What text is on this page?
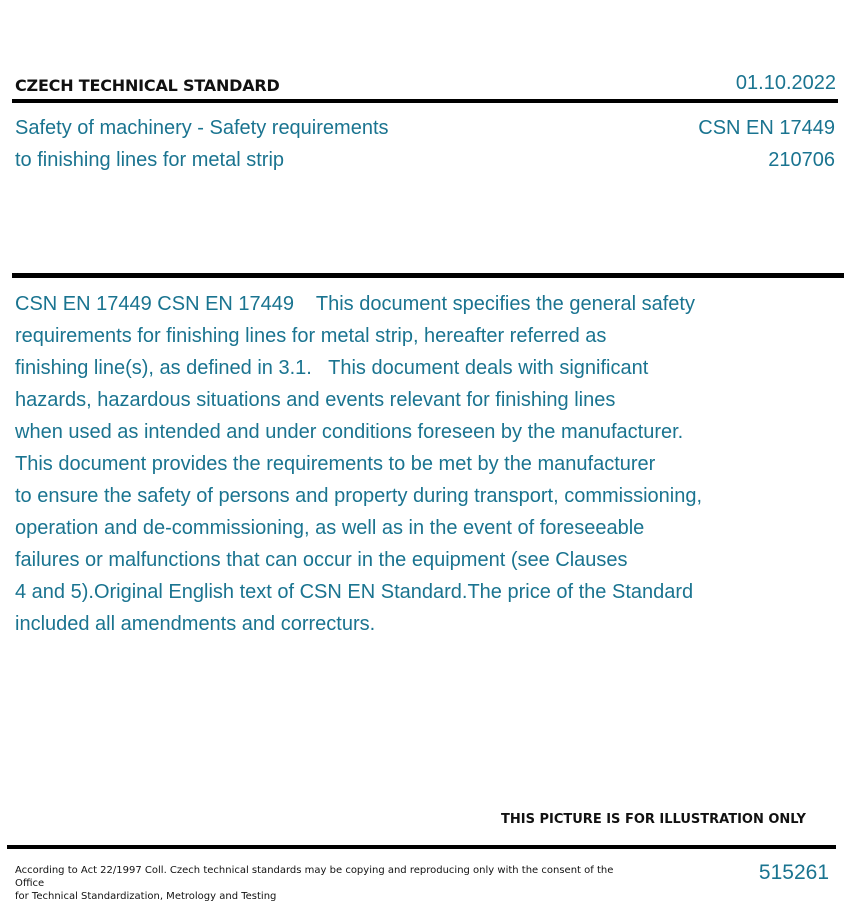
CZECH TECHNICAL STANDARD	01.10.2022
Safety of machinery - Safety requirements
to finishing lines for metal strip
CSN EN 17449
210706
CSN EN 17449 CSN EN 17449    This document specifies the general safety
requirements for finishing lines for metal strip, hereafter referred as
finishing line(s), as defined in 3.1.   This document deals with significant
hazards, hazardous situations and events relevant for finishing lines
when used as intended and under conditions foreseen by the manufacturer.
This document provides the requirements to be met by the manufacturer
to ensure the safety of persons and property during transport, commissioning,
operation and de-commissioning, as well as in the event of foreseeable
failures or malfunctions that can occur in the equipment (see Clauses
4 and 5).Original English text of CSN EN Standard.The price of the Standard
included all amendments and correcturs.
THIS PICTURE IS FOR ILLUSTRATION ONLY
According to Act 22/1997 Coll. Czech technical standards may be copying and reproducing only with the consent of the Office
for Technical Standardization, Metrology and Testing
515261
